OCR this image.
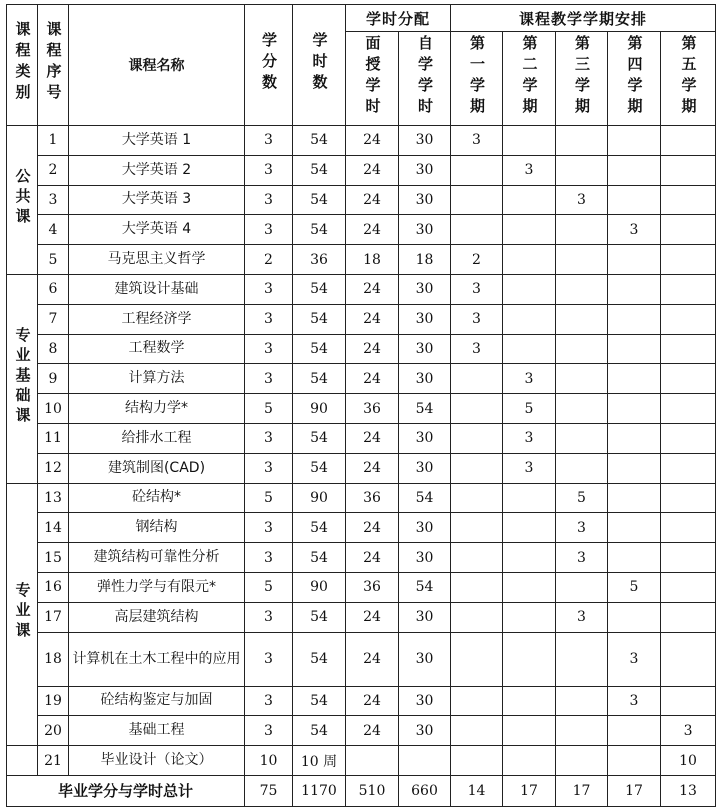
课程类别	课程序号	课程名称	学分数	学时数	学时分配		课程教学学期安排				
					面授学时	自学学时	第一学期	第二学期	第三学期	第四学期	第五学期
公共课	1	大学英语 1	3	54	24	30	3				
	2	大学英语 2	3	54	24	30		3			
	3	大学英语 3	3	54	24	30			3		
	4	大学英语 4	3	54	24	30				3	
	5	马克思主义哲学	2	36	18	18	2				
专业基础课	6	建筑设计基础	3	54	24	30	3				
	7	工程经济学	3	54	24	30	3				
	8	工程数学	3	54	24	30	3				
	9	计算方法	3	54	24	30		3			
	10	结构力学*	5	90	36	54		5			
	11	给排水工程	3	54	24	30		3			
	12	建筑制图(CAD)	3	54	24	30		3			
专业课	13	砼结构*	5	90	36	54			5		
	14	钢结构	3	54	24	30			3		
	15	建筑结构可靠性分析	3	54	24	30			3		
	16	弹性力学与有限元*	5	90	36	54				5	
	17	高层建筑结构	3	54	24	30			3		
	18	计算机在土木工程中的应用	3	54	24	30				3	
	19	砼结构鉴定与加固	3	54	24	30				3	
	20	基础工程	3	54	24	30					3
	21	毕业设计（论文）	10	10 周							10
毕业学分与学时总计			75	1170	510	660	14	17	17	17	13
